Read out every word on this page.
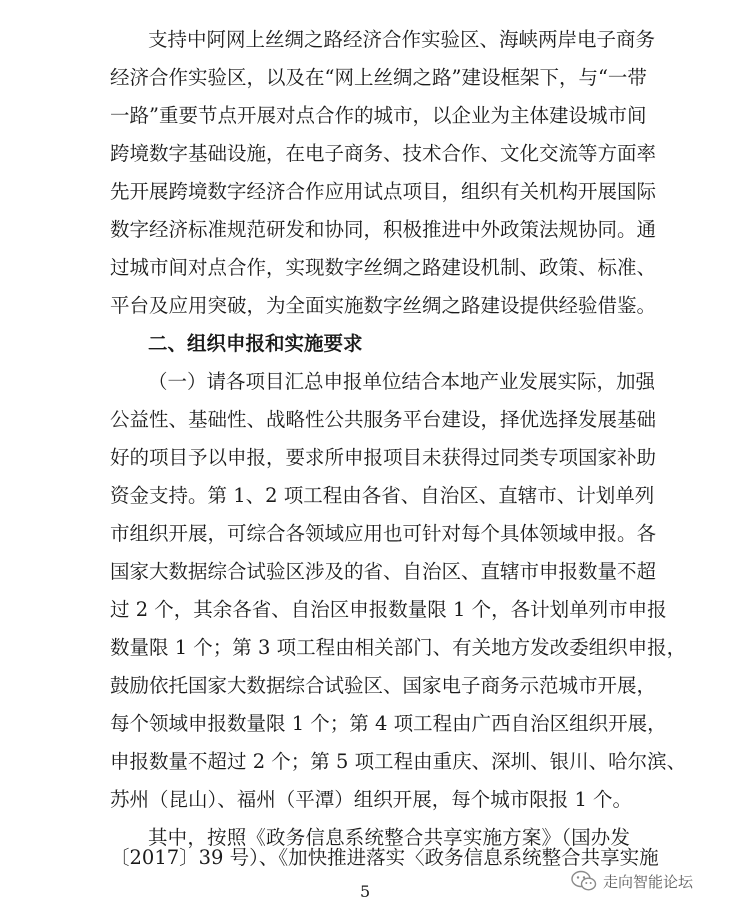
支持中阿网上丝绸之路经济合作实验区、海峡两岸电子商务
经济合作实验区，以及在“网上丝绸之路”建设框架下，与“一带
一路”重要节点开展对点合作的城市，以企业为主体建设城市间
跨境数字基础设施，在电子商务、技术合作、文化交流等方面率
先开展跨境数字经济合作应用试点项目，组织有关机构开展国际
数字经济标准规范研发和协同，积极推进中外政策法规协同。通
过城市间对点合作，实现数字丝绸之路建设机制、政策、标准、
平台及应用突破，为全面实施数字丝绸之路建设提供经验借鉴。
二、组织申报和实施要求
（一）请各项目汇总申报单位结合本地产业发展实际，加强
公益性、基础性、战略性公共服务平台建设，择优选择发展基础
好的项目予以申报，要求所申报项目未获得过同类专项国家补助
资金支持。第 1、2 项工程由各省、自治区、直辖市、计划单列
市组织开展，可综合各领域应用也可针对每个具体领域申报。各
国家大数据综合试验区涉及的省、自治区、直辖市申报数量不超
过 2 个，其余各省、自治区申报数量限 1 个，各计划单列市申报
数量限 1 个；第 3 项工程由相关部门、有关地方发改委组织申报，
鼓励依托国家大数据综合试验区、国家电子商务示范城市开展，
每个领域申报数量限 1 个；第 4 项工程由广西自治区组织开展，
申报数量不超过 2 个；第 5 项工程由重庆、深圳、银川、哈尔滨、
苏州（昆山）、福州（平潭）组织开展，每个城市限报 1 个。
其中，按照《政务信息系统整合共享实施方案》（国办发
〔2017〕39 号）、《加快推进落实〈政务信息系统整合共享实施
5
走向智能论坛
